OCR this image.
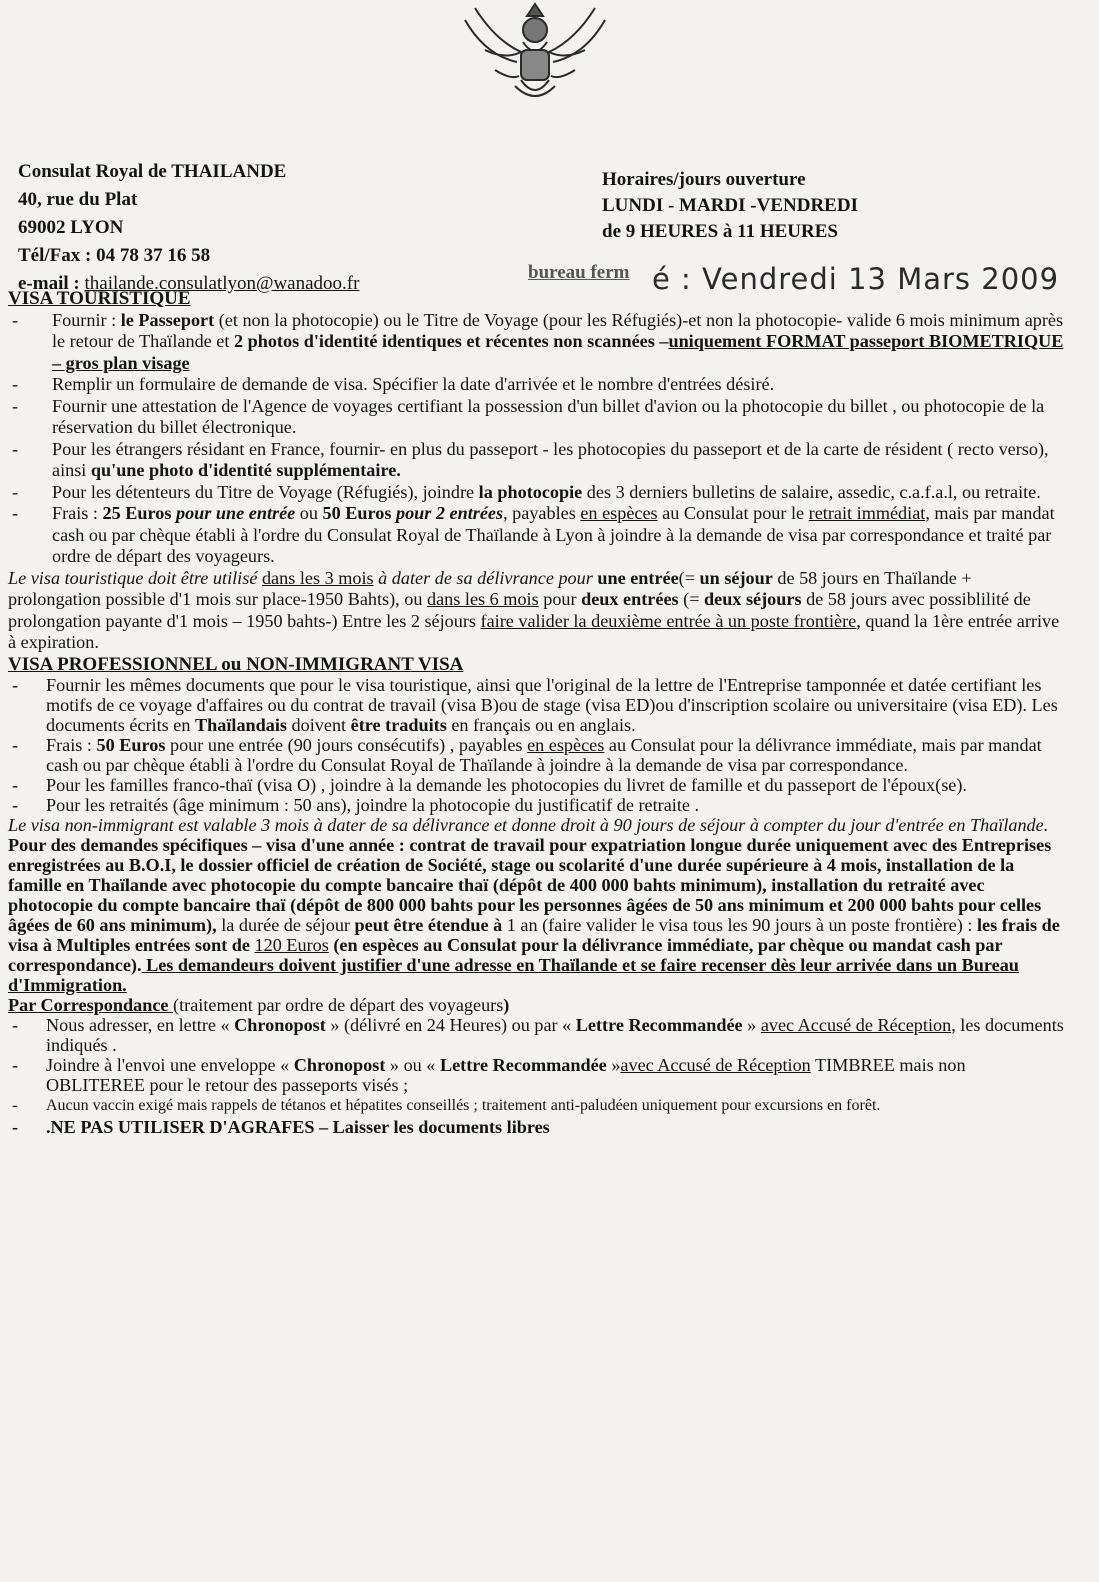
Consulat Royal de THAILANDE
40, rue du Plat
69002 LYON
Tél/Fax : 04 78 37 16 58
e-mail : thailande.consulatlyon@wanadoo.fr
Horaires/jours ouverture
LUNDI - MARDI -VENDREDI
de 9 HEURES à 11 HEURES
bureau ferm é : Vendredi 13 Mars 2009
VISA TOURISTIQUE
- Fournir : le Passeport (et non la photocopie) ou le Titre de Voyage (pour les Réfugiés)-et non la photocopie- valide 6 mois minimum après le retour de Thaïlande et 2 photos d'identité identiques et récentes non scannées –uniquement FORMAT passeport BIOMETRIQUE – gros plan visage
- Remplir un formulaire de demande de visa. Spécifier la date d'arrivée et le nombre d'entrées désiré.
- Fournir une attestation de l'Agence de voyages certifiant la possession d'un billet d'avion ou la photocopie du billet , ou photocopie de la réservation du billet électronique.
- Pour les étrangers résidant en France, fournir- en plus du passeport - les photocopies du passeport et de la carte de résident ( recto verso), ainsi qu'une photo d'identité supplémentaire.
- Pour les détenteurs du Titre de Voyage (Réfugiés), joindre la photocopie des 3 derniers bulletins de salaire, assedic, c.a.f.a.l, ou retraite.
- Frais : 25 Euros pour une entrée ou 50 Euros pour 2 entrées, payables en espèces au Consulat pour le retrait immédiat, mais par mandat cash ou par chèque établi à l'ordre du Consulat Royal de Thaïlande à Lyon à joindre à la demande de visa par correspondance et traité par ordre de départ des voyageurs.

Le visa touristique doit être utilisé dans les 3 mois à dater de sa délivrance pour une entrée(= un séjour de 58 jours en Thaïlande + prolongation possible d'1 mois sur place-1950 Bahts), ou dans les 6 mois pour deux entrées (= deux séjours de 58 jours avec possiblilité de prolongation payante d'1 mois – 1950 bahts-) Entre les 2 séjours faire valider la deuxième entrée à un poste frontière, quand la 1ère entrée arrive à expiration.

VISA PROFESSIONNEL ou NON-IMMIGRANT VISA
- Fournir les mêmes documents que pour le visa touristique, ainsi que l'original de la lettre de l'Entreprise tamponnée et datée certifiant les motifs de ce voyage d'affaires ou du contrat de travail (visa B)ou de stage (visa ED)ou d'inscription scolaire ou universitaire (visa ED). Les documents écrits en Thaïlandais doivent être traduits en français ou en anglais.
- Frais : 50 Euros pour une entrée (90 jours consécutifs) , payables en espèces au Consulat pour la délivrance immédiate, mais par mandat cash ou par chèque établi à l'ordre du Consulat Royal de Thaïlande à joindre à la demande de visa par correspondance.
- Pour les familles franco-thaï (visa O) , joindre à la demande les photocopies du livret de famille et du passeport de l'époux(se).
- Pour les retraités (âge minimum : 50 ans), joindre la photocopie du justificatif de retraite .

Le visa non-immigrant est valable 3 mois à dater de sa délivrance et donne droit à 90 jours de séjour à compter du jour d'entrée en Thaïlande.

Pour des demandes spécifiques – visa d'une année : contrat de travail pour expatriation longue durée uniquement avec des Entreprises enregistrées au B.O.I, le dossier officiel de création de Société, stage ou scolarité d'une durée supérieure à 4 mois, installation de la famille en Thaïlande avec photocopie du compte bancaire thaï (dépôt de 400 000 bahts minimum), installation du retraité avec photocopie du compte bancaire thaï (dépôt de 800 000 bahts pour les personnes âgées de 50 ans minimum et 200 000 bahts pour celles âgées de 60 ans minimum), la durée de séjour peut être étendue à 1 an (faire valider le visa tous les 90 jours à un poste frontière) : les frais de visa à Multiples entrées sont de 120 Euros (en espèces au Consulat pour la délivrance immédiate, par chèque ou mandat cash par correspondance). Les demandeurs doivent justifier d'une adresse en Thaïlande et se faire recenser dès leur arrivée dans un Bureau d'Immigration.

Par Correspondance (traitement par ordre de départ des voyageurs)
- Nous adresser, en lettre « Chronopost » (délivré en 24 Heures) ou par « Lettre Recommandée » avec Accusé de Réception, les documents indiqués .
- Joindre à l'envoi une enveloppe « Chronopost » ou « Lettre Recommandée »avec Accusé de Réception TIMBREE mais non OBLITEREE pour le retour des passeports visés ;
- Aucun vaccin exigé mais rappels de tétanos et hépatites conseillés ; traitement anti-paludéen uniquement pour excursions en forêt.
- .NE PAS UTILISER D'AGRAFES – Laisser les documents libres
